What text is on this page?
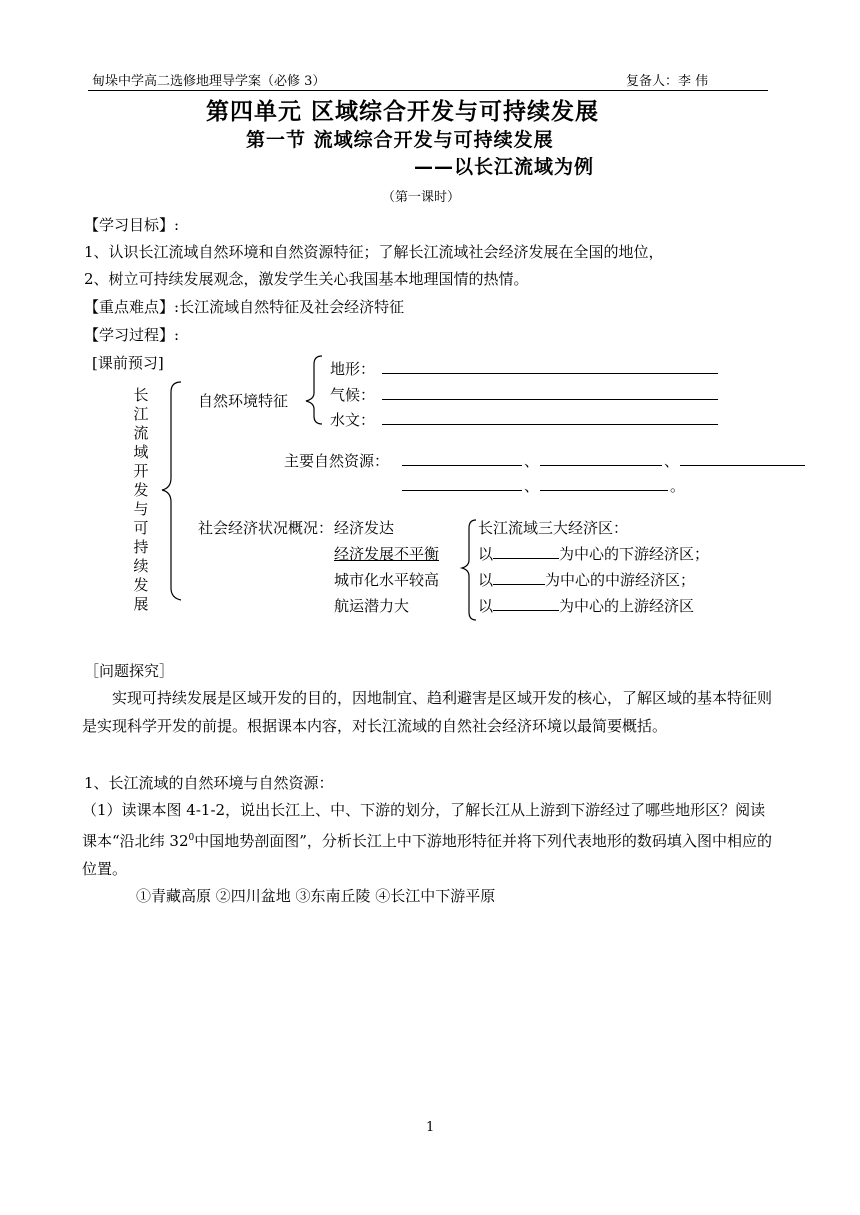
甸垛中学高二选修地理导学案（必修 3）	复备人：李 伟
第四单元 区域综合开发与可持续发展
第一节 流域综合开发与可持续发展
——以长江流域为例
（第一课时）
【学习目标】:
1、认识长江流域自然环境和自然资源特征；了解长江流域社会经济发展在全国的地位，
2、树立可持续发展观念，激发学生关心我国基本地理国情的热情。
【重点难点】:长江流域自然特征及社会经济特征
【学习过程】:
[课前预习]
长江流域开发与可持续发展
自然环境特征
地形：
气候：
水文：
主要自然资源：	、	、
、	。
社会经济状况概况： 经济发达
经济发展不平衡
城市化水平较高
航运潜力大
长江流域三大经济区：
以	为中心的下游经济区；
以	为中心的中游经济区；
以	为中心的上游经济区
［问题探究］
实现可持续发展是区域开发的目的，因地制宜、趋利避害是区域开发的核心，了解区域的基本特征则是实现科学开发的前提。根据课本内容，对长江流域的自然社会经济环境以最简要概括。
1、长江流域的自然环境与自然资源：
（1）读课本图 4-1-2，说出长江上、中、下游的划分，了解长江从上游到下游经过了哪些地形区？阅读课本“沿北纬 $32^0$中国地势剖面图”，分析长江上中下游地形特征并将下列代表地形的数码填入图中相应的位置。
①青藏高原 ②四川盆地 ③东南丘陵 ④长江中下游平原
1
